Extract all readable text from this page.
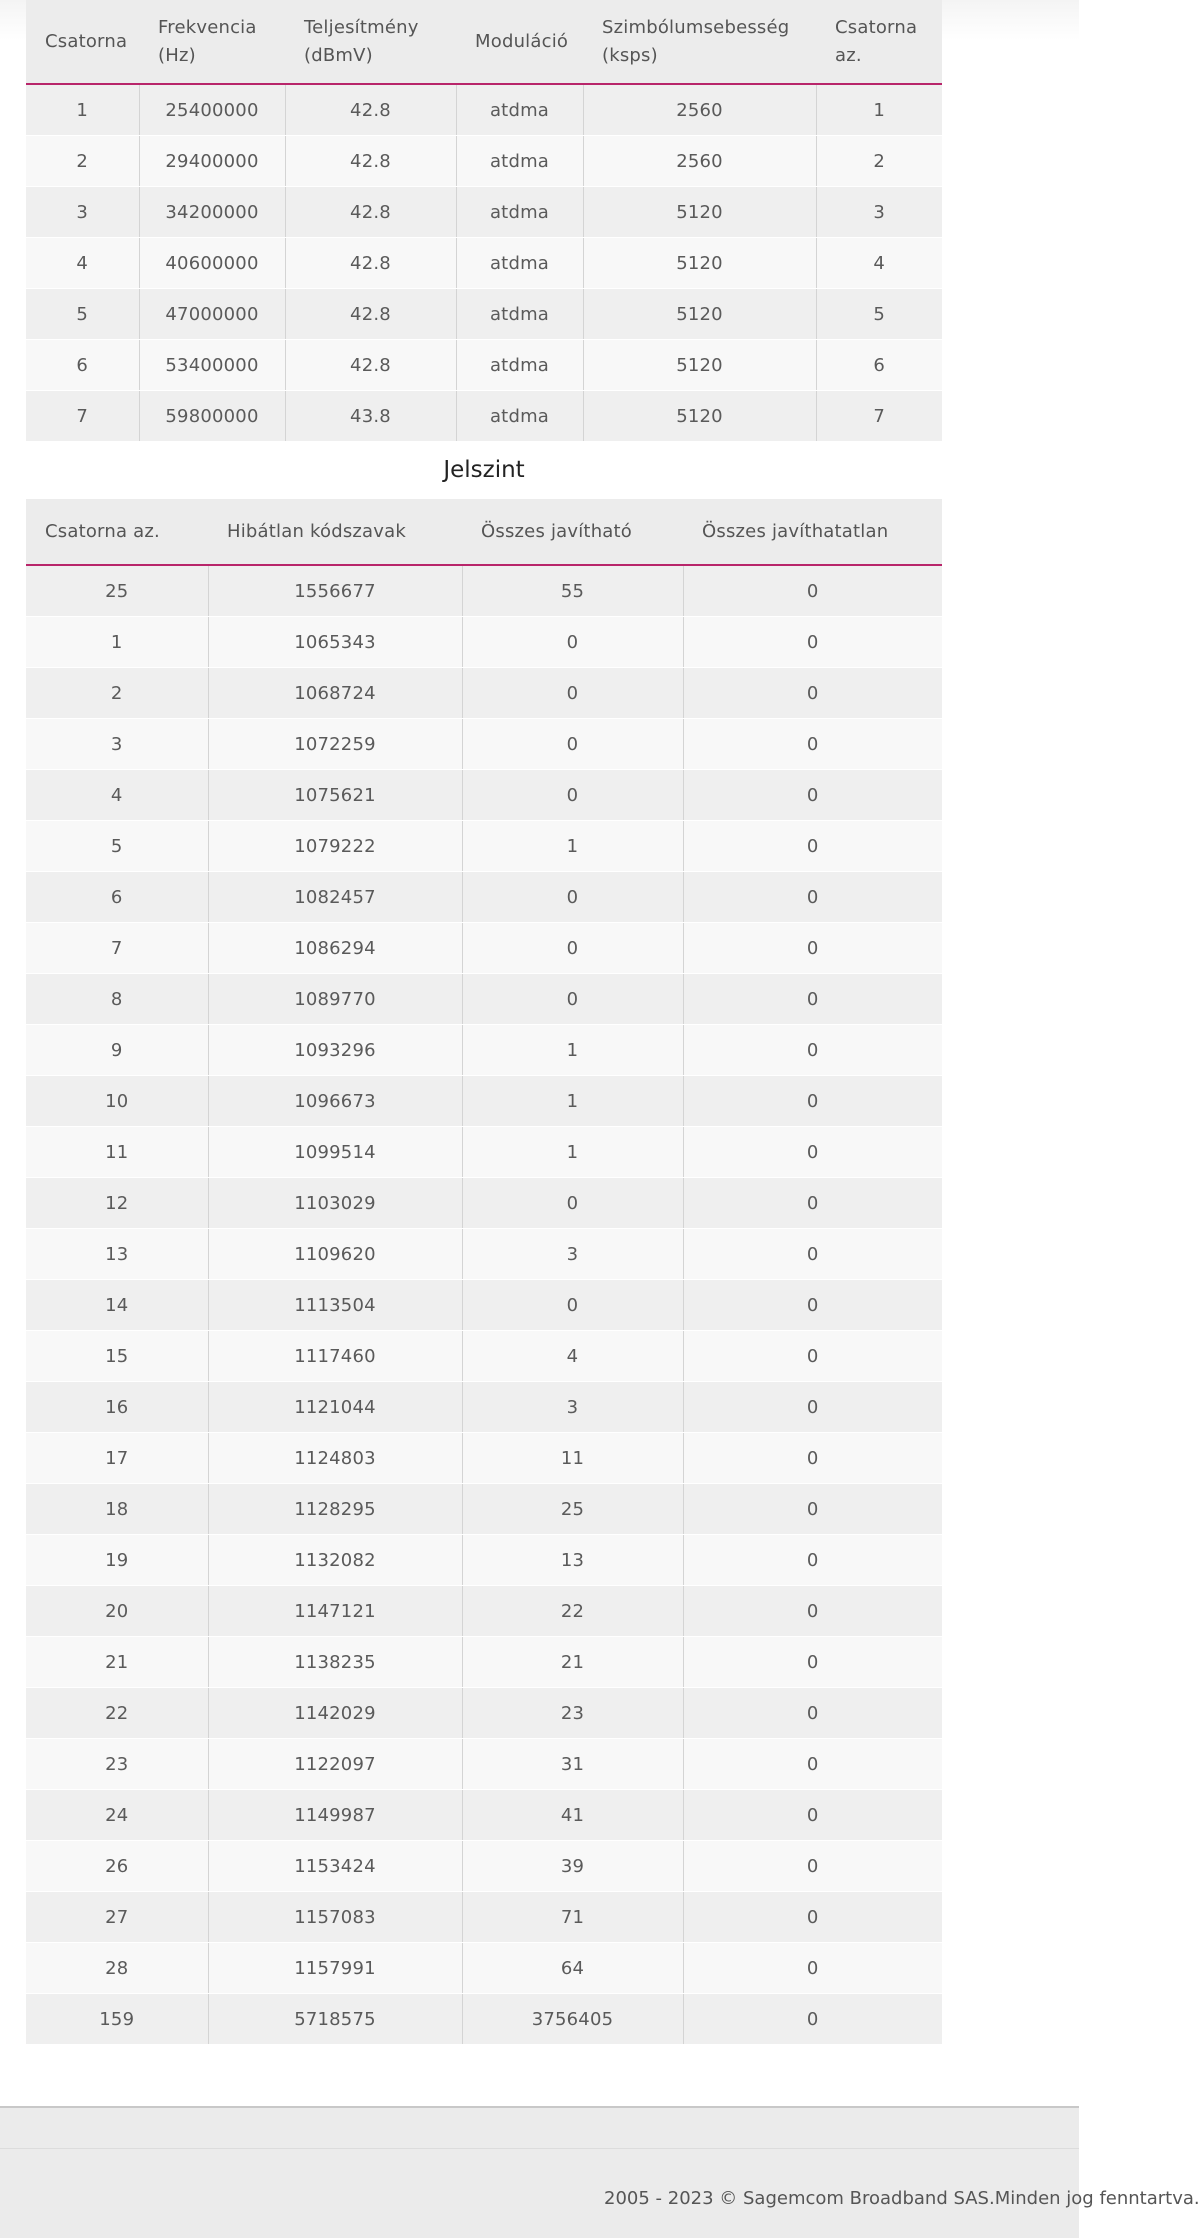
Csatorna	Frekvencia (Hz)	Teljesítmény (dBmV)	Moduláció	Szimbólumsebesség (ksps)	Csatorna az.
1	25400000	42.8	atdma	2560	1
2	29400000	42.8	atdma	2560	2
3	34200000	42.8	atdma	5120	3
4	40600000	42.8	atdma	5120	4
5	47000000	42.8	atdma	5120	5
6	53400000	42.8	atdma	5120	6
7	59800000	43.8	atdma	5120	7
Jelszint
Csatorna az.	Hibátlan kódszavak	Összes javítható	Összes javíthatatlan
25	1556677	55	0
1	1065343	0	0
2	1068724	0	0
3	1072259	0	0
4	1075621	0	0
5	1079222	1	0
6	1082457	0	0
7	1086294	0	0
8	1089770	0	0
9	1093296	1	0
10	1096673	1	0
11	1099514	1	0
12	1103029	0	0
13	1109620	3	0
14	1113504	0	0
15	1117460	4	0
16	1121044	3	0
17	1124803	11	0
18	1128295	25	0
19	1132082	13	0
20	1147121	22	0
21	1138235	21	0
22	1142029	23	0
23	1122097	31	0
24	1149987	41	0
26	1153424	39	0
27	1157083	71	0
28	1157991	64	0
159	5718575	3756405	0
2005 - 2023 © Sagemcom Broadband SAS.Minden jog fenntartva.
